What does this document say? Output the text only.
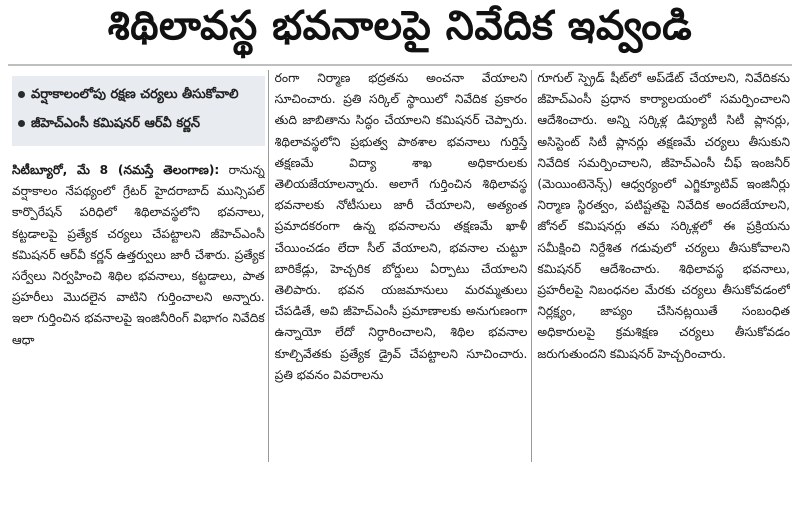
శిథిలావస్థ భవనాలపై నివేదిక ఇవ్వండి
వర్షాకాలంలోపు రక్షణ చర్యలు తీసుకోవాలి
జీహెచ్ఎంసీ కమిషనర్ ఆర్‌వీ కర్ణన్

సిటీబ్యూరో, మే 8 (నమస్తే తెలంగాణ): రానున్న వర్షాకాలం నేపథ్యంలో గ్రేటర్ హైదరాబాద్ మున్సిపల్ కార్పొరేషన్ పరిధిలో శిథిలావస్థలోని భవనాలు, కట్టడాలపై ప్రత్యేక చర్యలు చేపట్టాలని జీహెచ్ఎంసీ కమిషనర్ ఆర్‌వీ కర్ణన్ ఉత్తర్వులు జారీ చేశారు. ప్రత్యేక సర్వేలు నిర్వహించి శిథిల భవనాలు, కట్టడాలు, పాత ప్రహరీలు మొదలైన వాటిని గుర్తించాలని అన్నారు. ఇలా గుర్తించిన భవనాలపై ఇంజినీరింగ్ విభాగం నివేదిక ఆధా

రంగా నిర్మాణ భద్రతను అంచనా వేయాలని సూచించారు. ప్రతి సర్కిల్ స్థాయిలో నివేదిక ప్రకారం తుది జాబితాను సిద్ధం చేయాలని కమిషనర్ చెప్పారు. శిథిలావస్థలోని ప్రభుత్వ పాఠశాల భవనాలు గుర్తిస్తే తక్షణమే విద్యా శాఖ అధికారులకు తెలియజేయాలన్నారు. అలాగే గుర్తించిన శిథిలావస్థ భవనాలకు నోటీసులు జారీ చేయాలని, అత్యంత ప్రమాదకరంగా ఉన్న భవనాలను తక్షణమే ఖాళీ చేయించడం లేదా సీల్ వేయాలని, భవనాల చుట్టూ బారికేడ్లు, హెచ్చరిక బోర్డులు ఏర్పాటు చేయాలని తెలిపారు. భవన యజమానులు మరమ్మతులు చేపడితే, అవి జీహెచ్ఎంసీ ప్రమాణాలకు అనుగుణంగా ఉన్నాయో లేదో నిర్ధారించాలని, శిథిల భవనాల కూల్చివేతకు ప్రత్యేక డ్రైవ్ చేపట్టాలని సూచించారు. ప్రతి భవనం వివరాలను

గూగుల్ స్ప్రెడ్ షీట్‌లో అప్‌డేట్ చేయాలని, నివేదికను జీహెచ్ఎంసీ ప్రధాన కార్యాలయంలో సమర్పించాలని ఆదేశించారు. అన్ని సర్కిళ్ల డిప్యూటీ సిటీ ప్లానర్లు, అసిస్టెంట్ సిటీ ప్లానర్లు తక్షణమే చర్యలు తీసుకుని నివేదిక సమర్పించాలని, జీహెచ్ఎంసీ చీఫ్ ఇంజనీర్ (మెయింటెనెన్స్) ఆధ్వర్యంలో ఎగ్జిక్యూటివ్ ఇంజినీర్లు నిర్మాణ స్థిరత్వం, పటిష్టతపై నివేదిక అందజేయాలని, జోనల్ కమిషనర్లు తమ సర్కిళ్లలో ఈ ప్రక్రియను సమీక్షించి నిర్దేశిత గడువులో చర్యలు తీసుకోవాలని కమిషనర్ ఆదేశించారు. శిథిలావస్థ భవనాలు, ప్రహరీలపై నిబంధనల మేరకు చర్యలు తీసుకోవడంలో నిర్లక్ష్యం, జాప్యం చేసినట్లయితే సంబంధిత అధికారులపై క్రమశిక్షణ చర్యలు తీసుకోవడం జరుగుతుందని కమిషనర్ హెచ్చరించారు.
